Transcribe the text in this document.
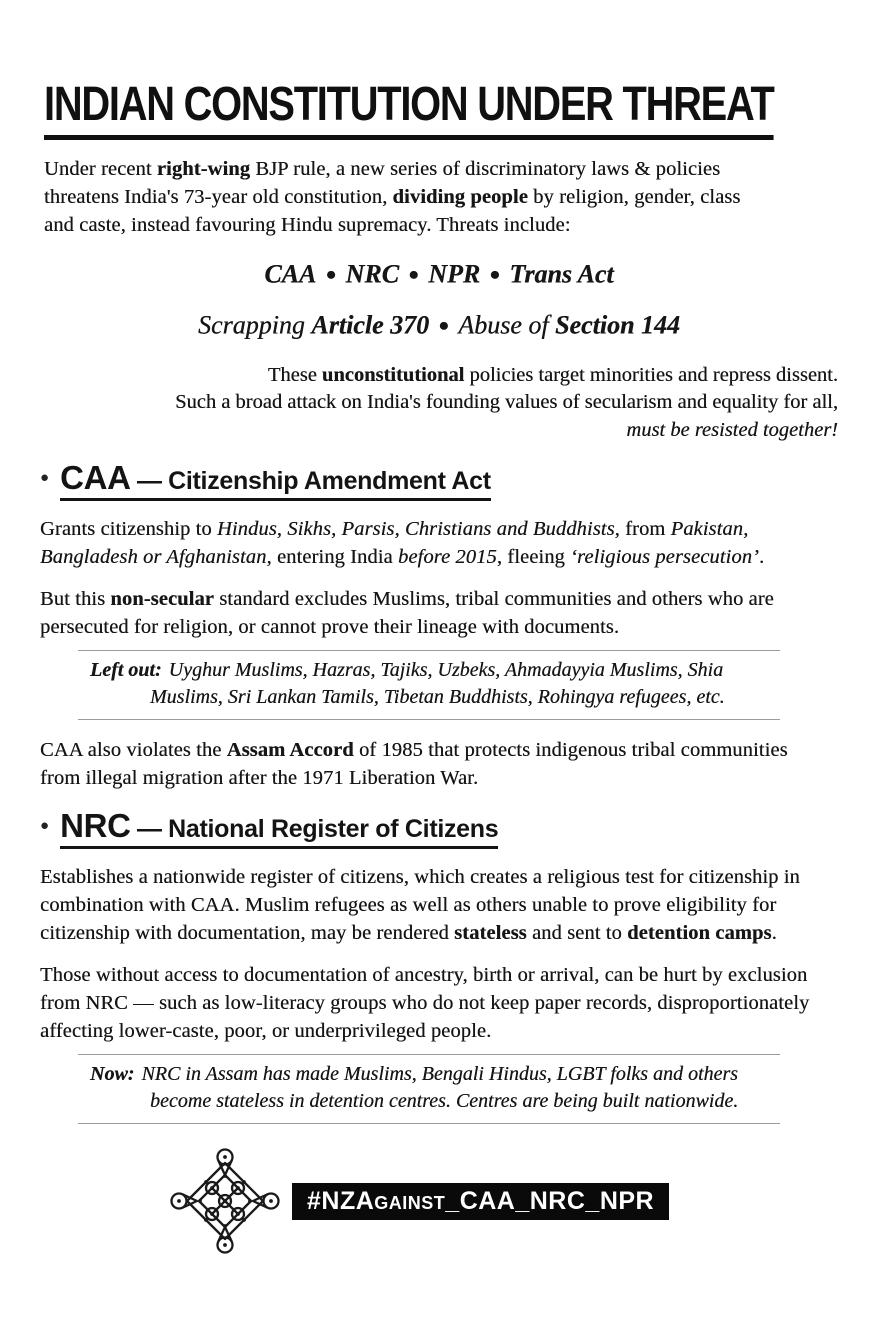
INDIAN CONSTITUTION UNDER THREAT

Under recent right-wing BJP rule, a new series of discriminatory laws & policies threatens India's 73-year old constitution, dividing people by religion, gender, class and caste, instead favouring Hindu supremacy. Threats include:

CAA  ●  NRC  ●  NPR  ●  Trans Act

Scrapping Article 370  ●  Abuse of Section 144

These unconstitutional policies target minorities and repress dissent.

Such a broad attack on India's founding values of secularism and equality for all,

must be resisted together!

● CAA — Citizenship Amendment Act

Grants citizenship to Hindus, Sikhs, Parsis, Christians and Buddhists, from Pakistan, Bangladesh or Afghanistan, entering India before 2015, fleeing ‘religious persecution’.

But this non-secular standard excludes Muslims, tribal communities and others who are persecuted for religion, or cannot prove their lineage with documents.

Left out: Uyghur Muslims, Hazras, Tajiks, Uzbeks, Ahmadayyia Muslims, Shia Muslims, Sri Lankan Tamils, Tibetan Buddhists, Rohingya refugees, etc.

CAA also violates the Assam Accord of 1985 that protects indigenous tribal communities from illegal migration after the 1971 Liberation War.

● NRC — National Register of Citizens

Establishes a nationwide register of citizens, which creates a religious test for citizenship in combination with CAA. Muslim refugees as well as others unable to prove eligibility for citizenship with documentation, may be rendered stateless and sent to detention camps.

Those without access to documentation of ancestry, birth or arrival, can be hurt by exclusion from NRC — such as low-literacy groups who do not keep paper records, disproportionately affecting lower-caste, poor, or underprivileged people.

Now: NRC in Assam has made Muslims, Bengali Hindus, LGBT folks and others become stateless in detention centres. Centres are being built nationwide.

#NZAgainst_CAA_NRC_NPR
